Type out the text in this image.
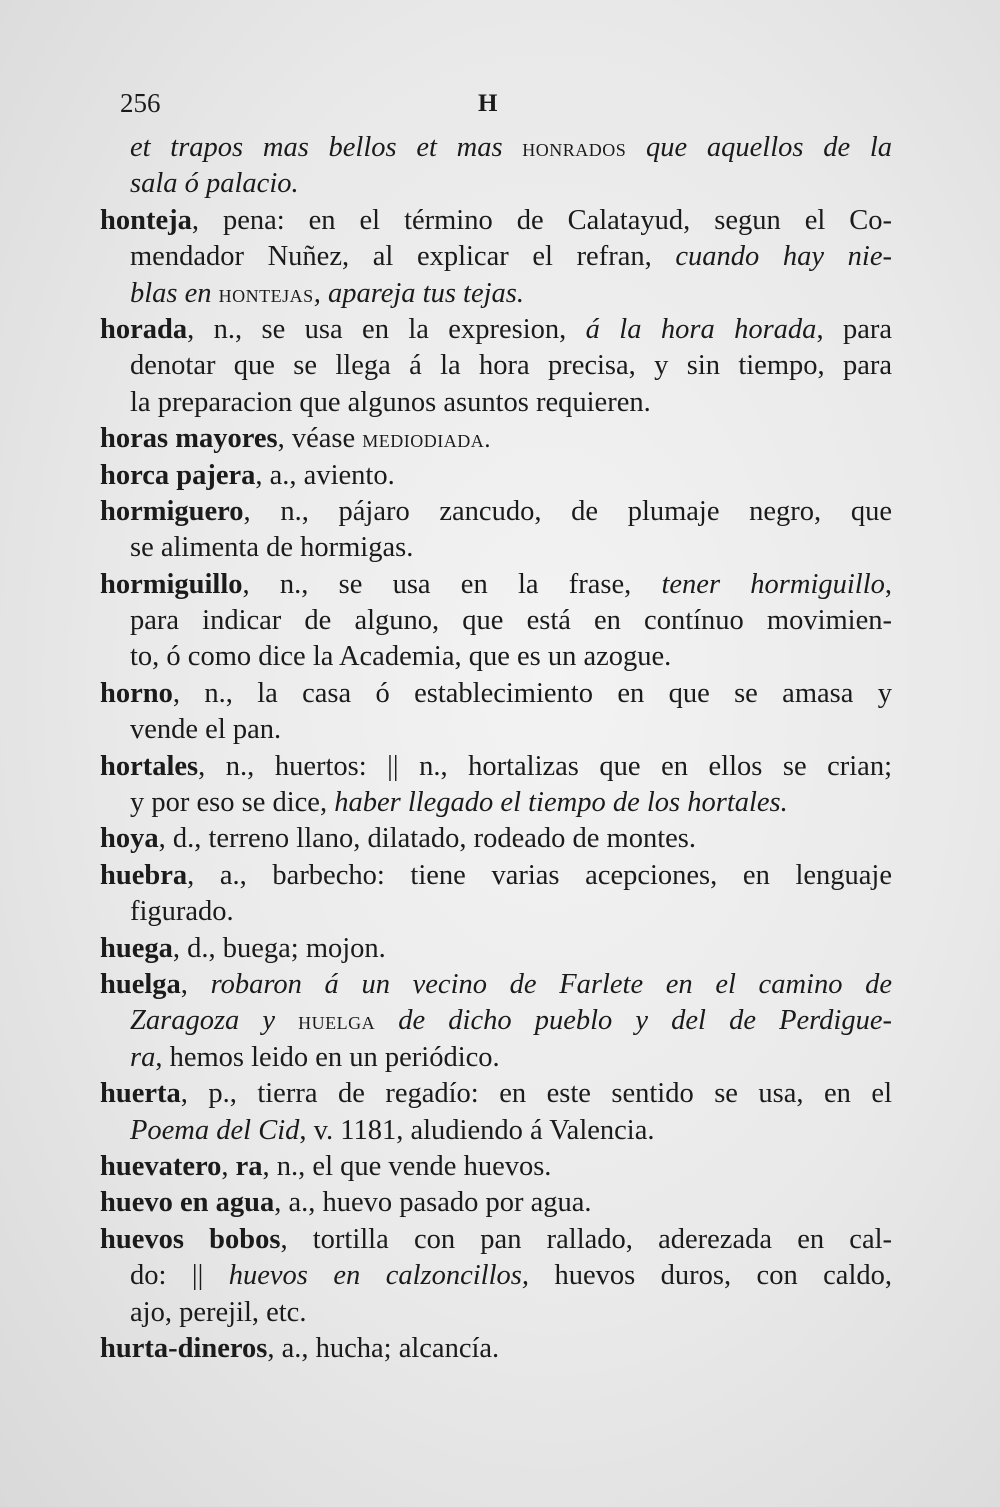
256	H
et trapos mas bellos et mas honrados que aquellos de la
sala ó palacio.
honteja, pena: en el término de Calatayud, segun el Co-
mendador Nuñez, al explicar el refran, cuando hay nie-
blas en hontejas, apareja tus tejas.
horada, n., se usa en la expresion, á la hora horada, para
denotar que se llega á la hora precisa, y sin tiempo, para
la preparacion que algunos asuntos requieren.
horas mayores, véase mediodiada.
horca pajera, a., aviento.
hormiguero, n., pájaro zancudo, de plumaje negro, que
se alimenta de hormigas.
hormiguillo, n., se usa en la frase, tener hormiguillo,
para indicar de alguno, que está en contínuo movimien-
to, ó como dice la Academia, que es un azogue.
horno, n., la casa ó establecimiento en que se amasa y
vende el pan.
hortales, n., huertos: || n., hortalizas que en ellos se crian;
y por eso se dice, haber llegado el tiempo de los hortales.
hoya, d., terreno llano, dilatado, rodeado de montes.
huebra, a., barbecho: tiene varias acepciones, en lenguaje
figurado.
huega, d., buega; mojon.
huelga, robaron á un vecino de Farlete en el camino de
Zaragoza y huelga de dicho pueblo y del de Perdigue-
ra, hemos leido en un periódico.
huerta, p., tierra de regadío: en este sentido se usa, en el
Poema del Cid, v. 1181, aludiendo á Valencia.
huevatero, ra, n., el que vende huevos.
huevo en agua, a., huevo pasado por agua.
huevos bobos, tortilla con pan rallado, aderezada en cal-
do: || huevos en calzoncillos, huevos duros, con caldo,
ajo, perejil, etc.
hurta-dineros, a., hucha; alcancía.
